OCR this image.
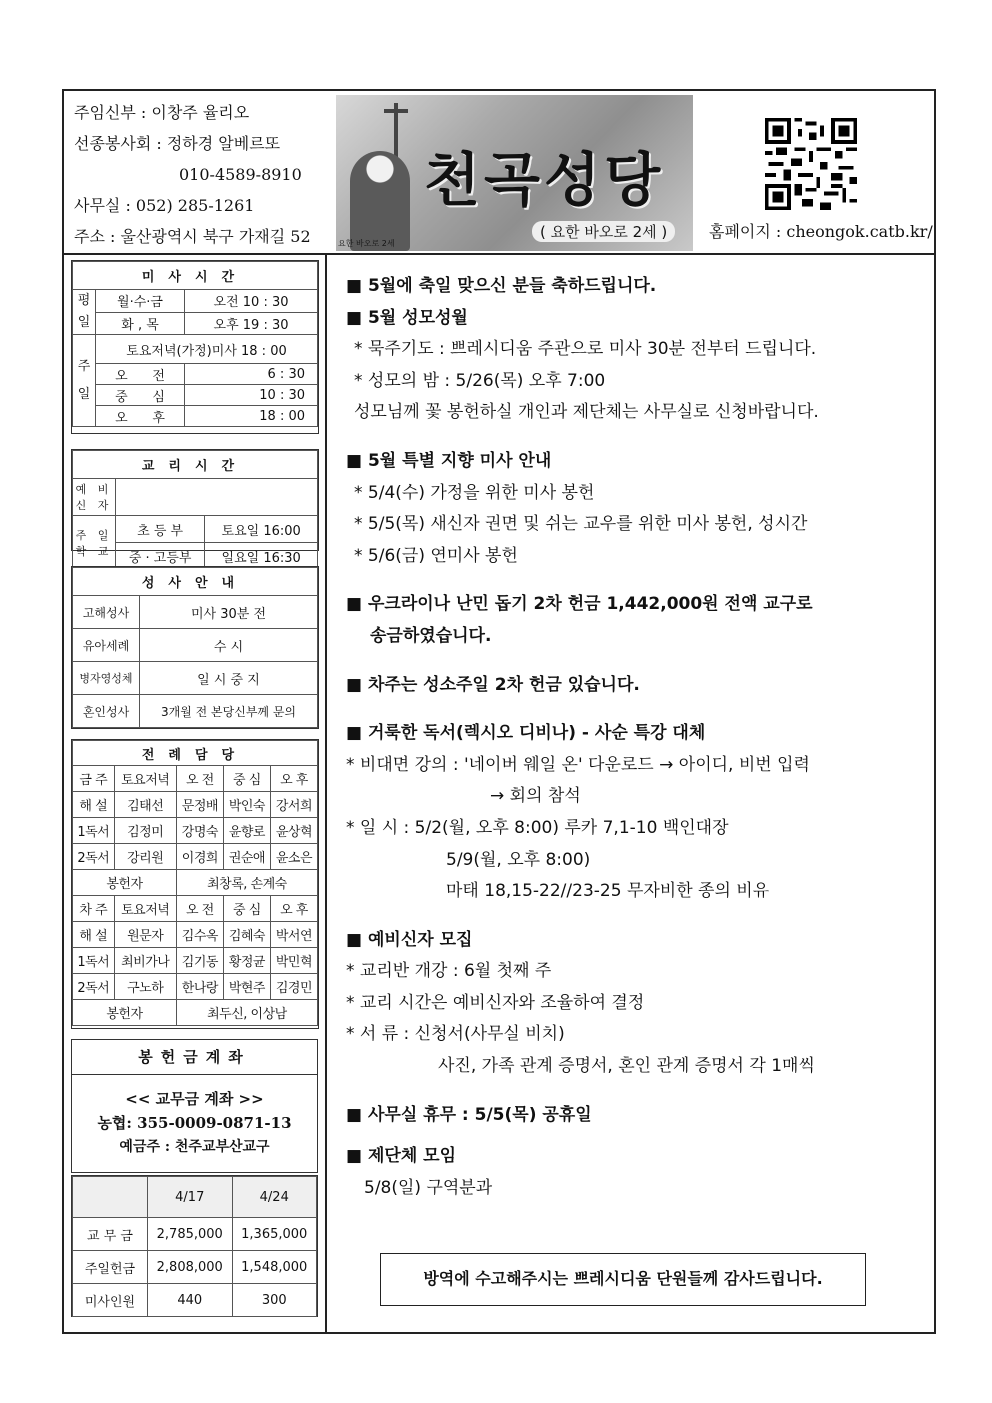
주임신부 : 이창주 율리오
선종봉사회 : 정하경 알베르또
010-4589-8910
사무실 : 052) 285-1261
주소 : 울산광역시 북구 가재길 52
천곡성당
( 요한 바오로 2세 )
요한 바오로 2세
홈페이지 : cheongok.catb.kr/
미사시간		

평
일	월·수·금	오전 10 : 30
	화 , 목	오후 19 : 30

주
일	토요저녁(가정)미사 18 : 00	
	오 전	6 : 30
	중 심	10 : 30
	오 후	18 : 00
교리시간		
예 비 신 자		
주 일 학 교	초 등 부	토요일 16:00
	중 · 고등부	일요일 16:30
성사안내	
고해성사	미사 30분 전
유아세례	수 시
병자영성체	일 시 중 지
혼인성사	3개월 전 본당신부께 문의
전례담당				
금 주	토요저녁	오 전	중 심	오 후
해 설	김태선	문정배	박인숙	강서희
1독서	김정미	강명숙	윤향로	윤상혁
2독서	강리원	이경희	권순애	윤소은
봉헌자		최창록, 손계숙		
차 주	토요저녁	오 전	중 심	오 후
해 설	원문자	김수옥	김혜숙	박서연
1독서	최비가나	김기동	황정균	박민혁
2독서	구노하	한나랑	박현주	김경민
봉헌자		최두신, 이상남		
봉헌금계좌
<< 교무금 계좌 >>
농협: 355-0009-0871-13
예금주 : 천주교부산교구
	4/17	4/24
교 무 금	2,785,000	1,365,000
주일헌금	2,808,000	1,548,000
미사인원	440	300

■ 5월에 축일 맞으신 분들 축하드립니다.

■ 5월 성모성월

* 묵주기도 : 쁘레시디움 주관으로 미사 30분 전부터 드립니다.

* 성모의 밤 : 5/26(목) 오후 7:00

성모님께 꽃 봉헌하실 개인과 제단체는 사무실로 신청바랍니다.

■ 5월 특별 지향 미사 안내

* 5/4(수) 가정을 위한 미사 봉헌

* 5/5(목) 새신자 권면 및 쉬는 교우를 위한 미사 봉헌, 성시간

* 5/6(금) 연미사 봉헌

■ 우크라이나 난민 돕기 2차 헌금 1,442,000원 전액 교구로

송금하였습니다.

■ 차주는 성소주일 2차 헌금 있습니다.

■ 거룩한 독서(렉시오 디비나) - 사순 특강 대체

* 비대면 강의 : '네이버 웨일 온' 다운로드 → 아이디, 비번 입력

→ 회의 참석

* 일 시 : 5/2(월, 오후 8:00) 루카 7,1-10 백인대장

5/9(월, 오후 8:00)

마태 18,15-22//23-25 무자비한 종의 비유

■ 예비신자 모집

* 교리반 개강 : 6월 첫째 주

* 교리 시간은 예비신자와 조율하여 결정

* 서 류 : 신청서(사무실 비치)

사진, 가족 관계 증명서, 혼인 관계 증명서 각 1매씩

■ 사무실 휴무 : 5/5(목) 공휴일

■ 제단체 모임

5/8(일) 구역분과

방역에 수고해주시는 쁘레시디움 단원들께 감사드립니다.
